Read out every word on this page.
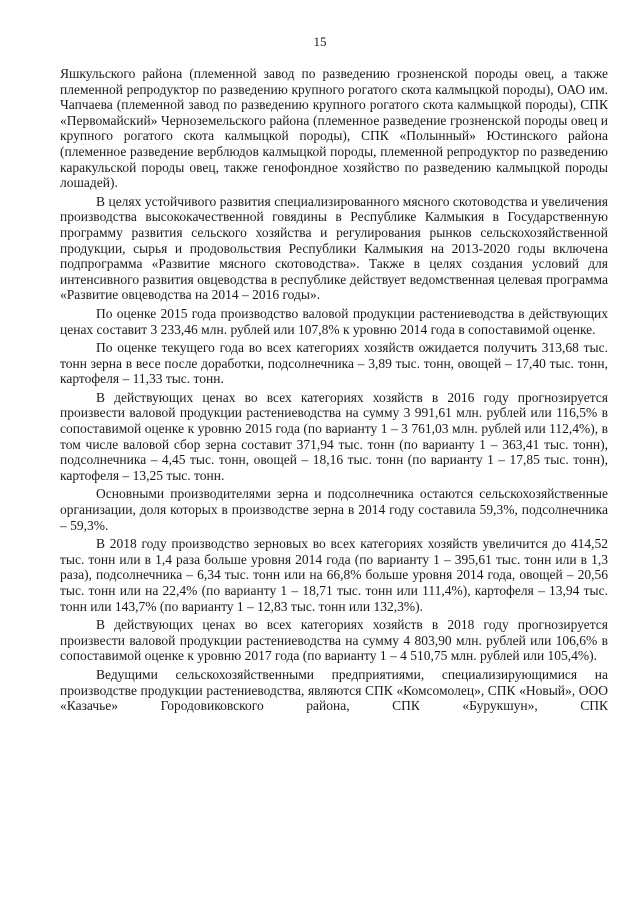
15

Яшкульского района (племенной завод по разведению грозненской породы овец, а также племенной репродуктор по разведению крупного рогатого скота калмыцкой породы), ОАО им. Чапчаева (племенной завод по разведению крупного рогатого скота калмыцкой породы), СПК «Первомайский» Черноземельского района (племенное разведение грозненской породы овец и крупного рогатого скота калмыцкой породы), СПК «Полынный» Юстинского района (племенное разведение верблюдов калмыцкой породы, племенной репродуктор по разведению каракульской породы овец, также генофондное хозяйство по разведению калмыцкой породы лошадей).

В целях устойчивого развития специализированного мясного скотоводства и увеличения производства высококачественной говядины в Республике Калмыкия в Государственную программу развития сельского хозяйства и регулирования рынков сельскохозяйственной продукции, сырья и продовольствия Республики Калмыкия на 2013-2020 годы включена подпрограмма «Развитие мясного скотоводства». Также в целях создания условий для интенсивного развития овцеводства в республике действует ведомственная целевая программа «Развитие овцеводства на 2014 – 2016 годы».

По оценке 2015 года производство валовой продукции растениеводства в действующих ценах составит 3 233,46 млн. рублей или 107,8% к уровню 2014 года в сопоставимой оценке.

По оценке текущего года во всех категориях хозяйств ожидается получить 313,68 тыс. тонн зерна в весе после доработки, подсолнечника – 3,89 тыс. тонн, овощей – 17,40 тыс. тонн, картофеля – 11,33 тыс. тонн.

В действующих ценах во всех категориях хозяйств в 2016 году прогнозируется произвести валовой продукции растениеводства на сумму 3 991,61 млн. рублей или 116,5% в сопоставимой оценке к уровню 2015 года (по варианту 1 – 3 761,03 млн. рублей или 112,4%), в том числе валовой сбор зерна составит 371,94 тыс. тонн (по варианту 1 – 363,41 тыс. тонн), подсолнечника – 4,45 тыс. тонн, овощей – 18,16 тыс. тонн (по варианту 1 – 17,85 тыс. тонн), картофеля – 13,25 тыс. тонн.

Основными производителями зерна и подсолнечника остаются сельскохозяйственные организации, доля которых в производстве зерна в 2014 году составила 59,3%, подсолнечника – 59,3%.

В 2018 году производство зерновых во всех категориях хозяйств увеличится до 414,52 тыс. тонн или в 1,4 раза больше уровня 2014 года (по варианту 1 – 395,61 тыс. тонн или в 1,3 раза), подсолнечника – 6,34 тыс. тонн или на 66,8% больше уровня 2014 года, овощей – 20,56 тыс. тонн или на 22,4% (по варианту 1 – 18,71 тыс. тонн или 111,4%), картофеля – 13,94 тыс. тонн или 143,7% (по варианту 1 – 12,83 тыс. тонн или 132,3%).

В действующих ценах во всех категориях хозяйств в 2018 году прогнозируется произвести валовой продукции растениеводства на сумму 4 803,90 млн. рублей или 106,6% в сопоставимой оценке к уровню 2017 года (по варианту 1 – 4 510,75 млн. рублей или 105,4%).

Ведущими сельскохозяйственными предприятиями, специализирующимися на производстве продукции растениеводства, являются СПК «Комсомолец», СПК «Новый», ООО «Казачье» Городовиковского района, СПК «Бурукшун», СПК
